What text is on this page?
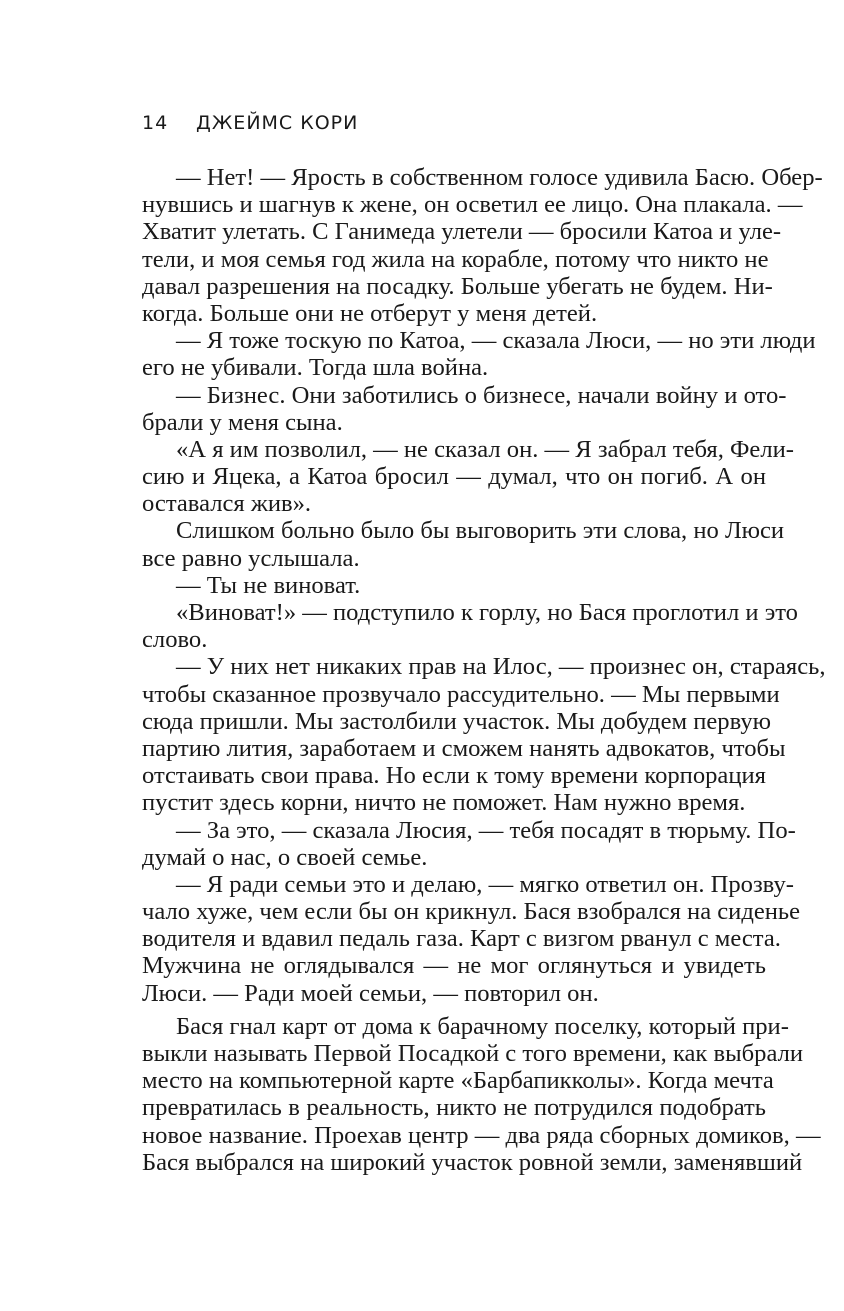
14 ДЖЕЙМС КОРИ
— Нет! — Ярость в собственном голосе удивила Басю. Обер-
нувшись и шагнув к жене, он осветил ее лицо. Она плакала. —
Хватит улетать. С Ганимеда улетели — бросили Катоа и уле-
тели, и моя семья год жила на корабле, потому что никто не
давал разрешения на посадку. Больше убегать не будем. Ни-
когда. Больше они не отберут у меня детей.
— Я тоже тоскую по Катоа, — сказала Люси, — но эти люди
его не убивали. Тогда шла война.
— Бизнес. Они заботились о бизнесе, начали войну и ото-
брали у меня сына.
«А я им позволил, — не сказал он. — Я забрал тебя, Фели-
сию и Яцека, а Катоа бросил — думал, что он погиб. А он
оставался жив».
Слишком больно было бы выговорить эти слова, но Люси
все равно услышала.
— Ты не виноват.
«Виноват!» — подступило к горлу, но Бася проглотил и это
слово.
— У них нет никаких прав на Илос, — произнес он, стараясь,
чтобы сказанное прозвучало рассудительно. — Мы первыми
сюда пришли. Мы застолбили участок. Мы добудем первую
партию лития, заработаем и сможем нанять адвокатов, чтобы
отстаивать свои права. Но если к тому времени корпорация
пустит здесь корни, ничто не поможет. Нам нужно время.
— За это, — сказала Люсия, — тебя посадят в тюрьму. По-
думай о нас, о своей семье.
— Я ради семьи это и делаю, — мягко ответил он. Прозву-
чало хуже, чем если бы он крикнул. Бася взобрался на сиденье
водителя и вдавил педаль газа. Карт с визгом рванул с места.
Мужчина не оглядывался — не мог оглянуться и увидеть
Люси. — Ради моей семьи, — повторил он.
Бася гнал карт от дома к барачному поселку, который при-
выкли называть Первой Посадкой с того времени, как выбрали
место на компьютерной карте «Барбапикколы». Когда мечта
превратилась в реальность, никто не потрудился подобрать
новое название. Проехав центр — два ряда сборных домиков, —
Бася выбрался на широкий участок ровной земли, заменявший
